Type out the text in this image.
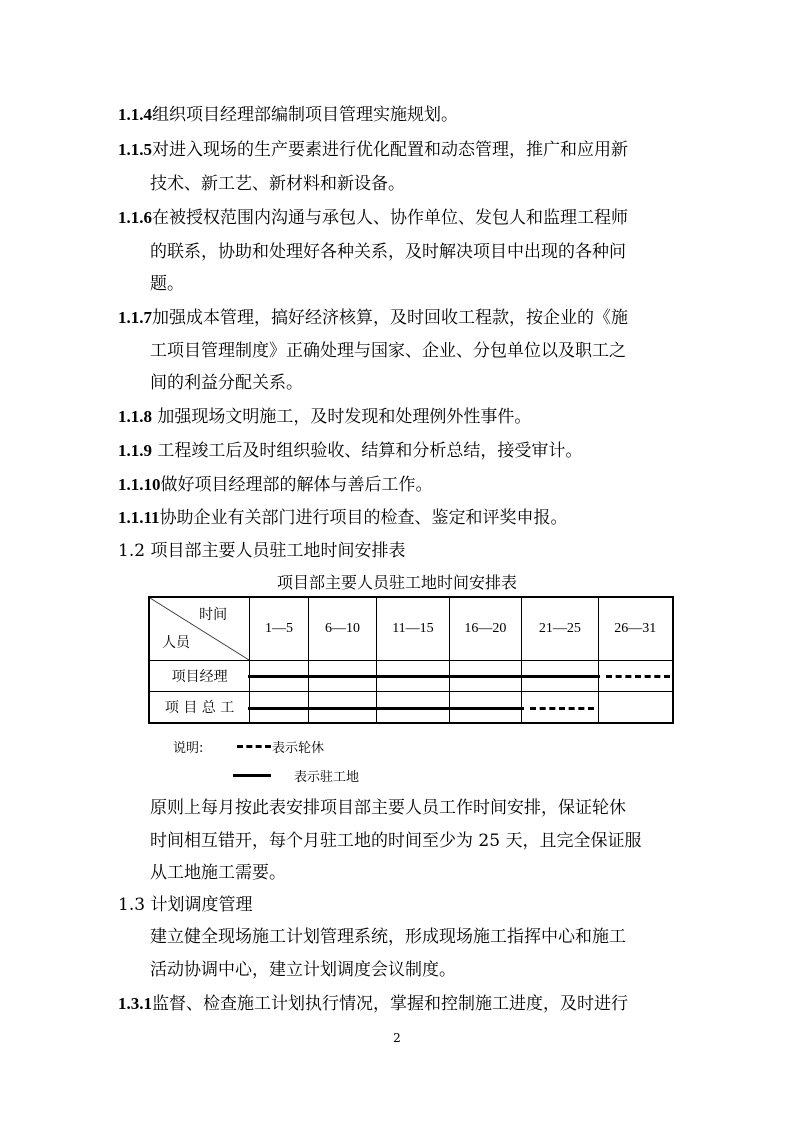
1.1.4组织项目经理部编制项目管理实施规划。
1.1.5对进入现场的生产要素进行优化配置和动态管理，推广和应用新
技术、新工艺、新材料和新设备。
1.1.6在被授权范围内沟通与承包人、协作单位、发包人和监理工程师
的联系，协助和处理好各种关系，及时解决项目中出现的各种问
题。
1.1.7加强成本管理，搞好经济核算，及时回收工程款，按企业的《施
工项目管理制度》正确处理与国家、企业、分包单位以及职工之
间的利益分配关系。
1.1.8 加强现场文明施工，及时发现和处理例外性事件。
1.1.9 工程竣工后及时组织验收、结算和分析总结，接受审计。
1.1.10做好项目经理部的解体与善后工作。
1.1.11协助企业有关部门进行项目的检查、鉴定和评奖申报。
1.2 项目部主要人员驻工地时间安排表
项目部主要人员驻工地时间安排表
时间
人员	1—5	6—10	11—15	16—20	21—25	26—31
项目经理						
项 目 总 工						
说明:	表示轮休
表示驻工地
原则上每月按此表安排项目部主要人员工作时间安排，保证轮休
时间相互错开，每个月驻工地的时间至少为 25 天，且完全保证服
从工地施工需要。
1.3 计划调度管理
建立健全现场施工计划管理系统，形成现场施工指挥中心和施工
活动协调中心，建立计划调度会议制度。
1.3.1监督、检查施工计划执行情况，掌握和控制施工进度，及时进行
2
